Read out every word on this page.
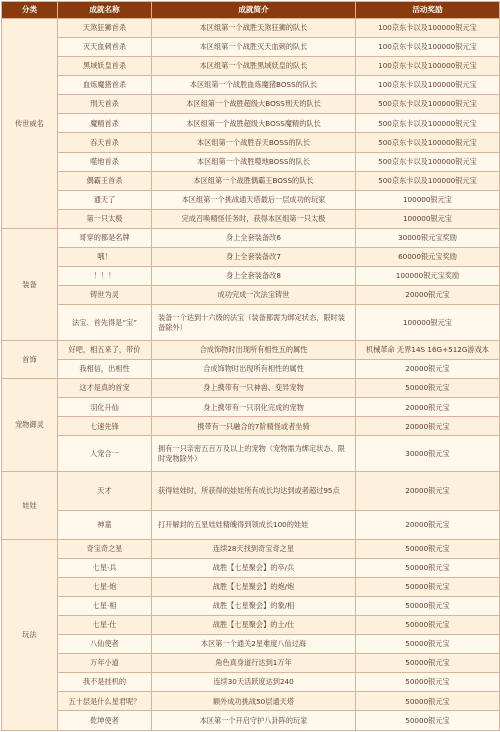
分类	成就名称	成就简介	活动奖励
传世威名	天煞狂狮首杀	本区组第一个战胜天煞狂狮的队长	100京东卡以及100000银元宝
	灭天血刺首杀	本区组第一个战胜灭天血刺的队长	100京东卡以及100000银元宝
	黑域妖皇首杀	本区组第一个战胜黑域妖皇的队长	100京东卡以及100000银元宝
	血炼魔猪首杀	本区组第一个战胜血炼魔猪BOSS的队长	100京东卡以及100000银元宝
	刑天首杀	本区组第一个战胜超级大BOSS刑天的队长	500京东卡以及100000银元宝
	魔精首杀	本区组第一个战胜超级大BOSS魔精的队长	500京东卡以及100000银元宝
	吞天首杀	本区组第一个战胜吞天BOSS的队长	500京东卡以及100000银元宝
	噬地首杀	本区组第一个战胜噬地BOSS的队长	500京东卡以及100000银元宝
	偶霸王首杀	本区组第一个战胜偶霸王BOSS的队长	500京东卡以及100000银元宝
	通天了	本区组第一个挑战通天塔最后一层成功的玩家	100000银元宝
	第一只太极	完成召唤精怪任务时，获得本区组第一只太极	100000银元宝
装备	哥穿的都是名牌	身上全套装备改6	30000银元宝奖励
	哦！	身上全套装备改7	60000银元宝奖励
	！！！	身上全套装备改8	100000银元宝奖励
	铸世为灵	成功完成一次法宝铸世	20000银元宝
	法宝、首先得是“宝”	装备一个达到十六级的法宝（装备都需为绑定状态，限时装备除外）	100000银元宝
首饰	好吧，相五来了，带价	合成饰物时出现所有相性五的属性	机械革命 无界14S 16G+512G游戏本
	我相信，出相性	合成饰物时出现所有相性的属性	20000银元宝
宠物御灵	这才是真的首宠	身上携带有一只神兽、变异宠物	50000银元宝
	羽化升仙	身上携带有一只羽化完成的宠物	20000银元宝
	七速先锋	携带有一只融合的7阶精怪或者坐骑	20000银元宝
	人宠合一	拥有一只亲密五百万及以上的宠物（宠物需为绑定状态、限时宠物除外）	30000银元宝
娃娃	天才	获得娃娃时，所获得的娃娃所有成长均达到或者超过95点	20000银元宝
	神童	打开解封的五星娃娃精魄得到领成长100的娃娃	20000银元宝
玩法	奇宝奇之星	连续28天找到奇宝奇之星	50000银元宝
	七星·兵	战胜【七星聚会】的卒/兵	50000银元宝
	七星·炮	战胜【七星聚会】的炮/炮	50000银元宝
	七星·相	战胜【七星聚会】的象/相	50000银元宝
	七星·仕	战胜【七星聚会】的士/仕	50000银元宝
	八仙使者	本区第一个通关2星难度八仙过海	50000银元宝
	万年小道	角色真身道行达到1万年	50000银元宝
	我不是挂机的	连续30天活跃度达到240	50000银元宝
	五十层是什么星君呢？	额外成功挑战50层通天塔	50000银元宝
	乾坤使者	本区第一个开启守护八卦阵的玩家	50000银元宝
